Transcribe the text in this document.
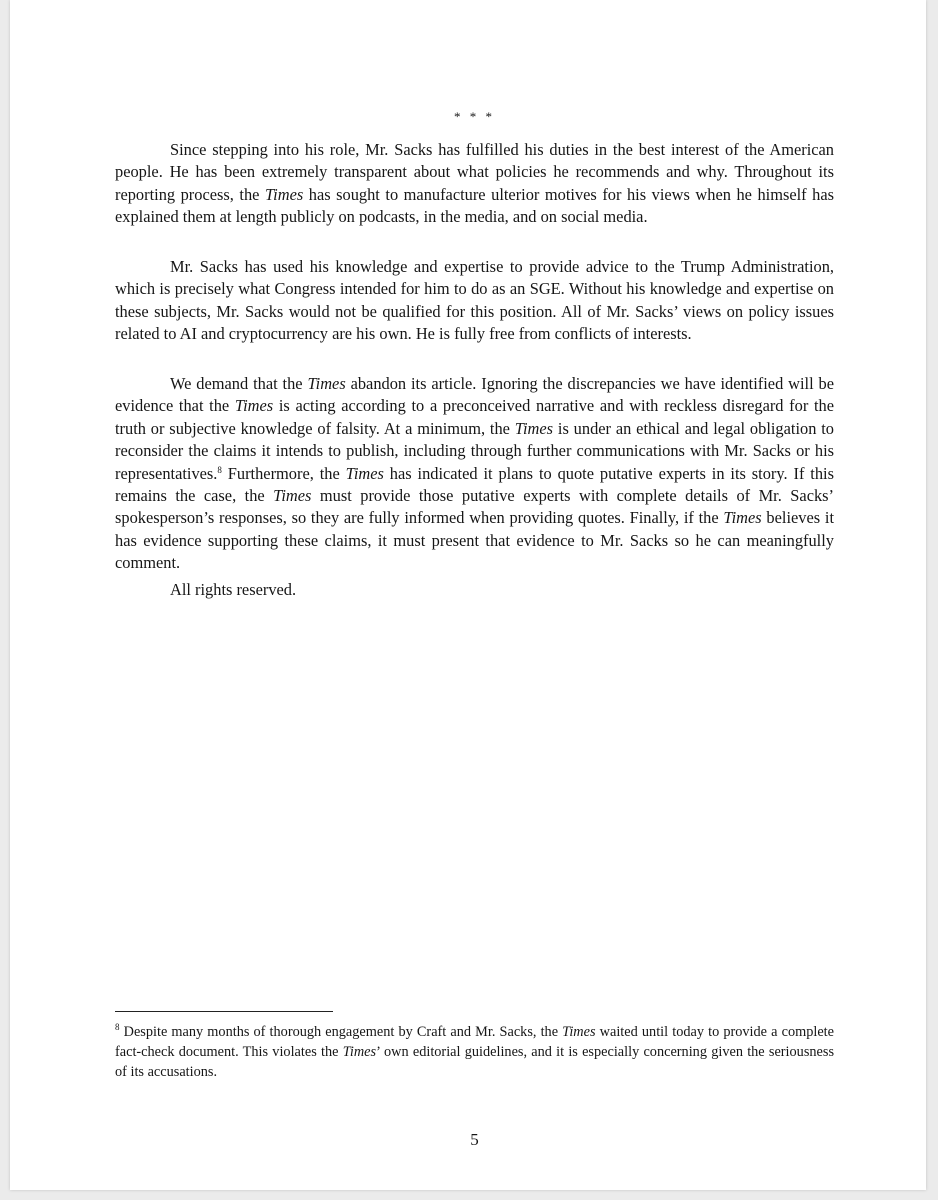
* * *

Since stepping into his role, Mr. Sacks has fulfilled his duties in the best interest of the American people. He has been extremely transparent about what policies he recommends and why. Throughout its reporting process, the Times has sought to manufacture ulterior motives for his views when he himself has explained them at length publicly on podcasts, in the media, and on social media.

Mr. Sacks has used his knowledge and expertise to provide advice to the Trump Administration, which is precisely what Congress intended for him to do as an SGE. Without his knowledge and expertise on these subjects, Mr. Sacks would not be qualified for this position. All of Mr. Sacks’ views on policy issues related to AI and cryptocurrency are his own. He is fully free from conflicts of interests.

We demand that the Times abandon its article. Ignoring the discrepancies we have identified will be evidence that the Times is acting according to a preconceived narrative and with reckless disregard for the truth or subjective knowledge of falsity. At a minimum, the Times is under an ethical and legal obligation to reconsider the claims it intends to publish, including through further communications with Mr. Sacks or his representatives.$^8$ Furthermore, the Times has indicated it plans to quote putative experts in its story. If this remains the case, the Times must provide those putative experts with complete details of Mr. Sacks’ spokesperson’s responses, so they are fully informed when providing quotes. Finally, if the Times believes it has evidence supporting these claims, it must present that evidence to Mr. Sacks so he can meaningfully comment.

All rights reserved.

$^8$ Despite many months of thorough engagement by Craft and Mr. Sacks, the Times waited until today to provide a complete fact-check document. This violates the Times’ own editorial guidelines, and it is especially concerning given the seriousness of its accusations.

5
